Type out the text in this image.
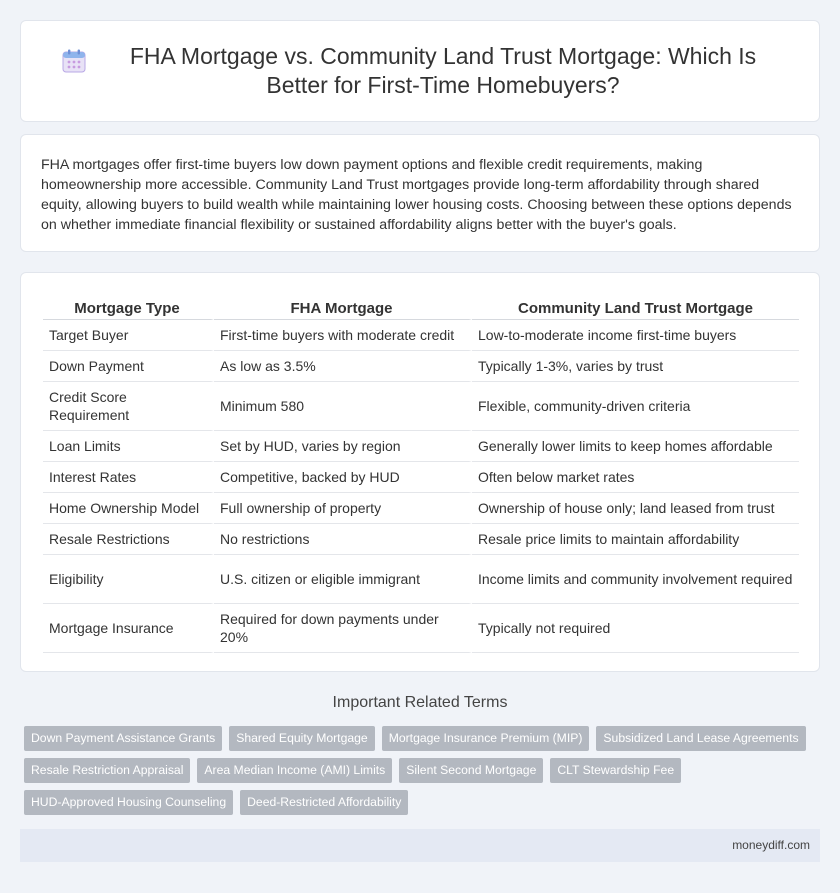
FHA Mortgage vs. Community Land Trust Mortgage: Which Is Better for First-Time Homebuyers?

FHA mortgages offer first-time buyers low down payment options and flexible credit requirements, making homeownership more accessible. Community Land Trust mortgages provide long-term affordability through shared equity, allowing buyers to build wealth while maintaining lower housing costs. Choosing between these options depends on whether immediate financial flexibility or sustained affordability aligns better with the buyer's goals.

Mortgage Type	FHA Mortgage	Community Land Trust Mortgage
Target Buyer	First-time buyers with moderate credit	Low-to-moderate income first-time buyers
Down Payment	As low as 3.5%	Typically 1-3%, varies by trust
Credit Score Requirement	Minimum 580	Flexible, community-driven criteria
Loan Limits	Set by HUD, varies by region	Generally lower limits to keep homes affordable
Interest Rates	Competitive, backed by HUD	Often below market rates
Home Ownership Model	Full ownership of property	Ownership of house only; land leased from trust
Resale Restrictions	No restrictions	Resale price limits to maintain affordability
Eligibility	U.S. citizen or eligible immigrant	Income limits and community involvement required
Mortgage Insurance	Required for down payments under 20%	Typically not required
Important Related Terms
Down Payment Assistance Grants	Shared Equity Mortgage	Mortgage Insurance Premium (MIP)	Subsidized Land Lease Agreements
Resale Restriction Appraisal	Area Median Income (AMI) Limits	Silent Second Mortgage	CLT Stewardship Fee
HUD-Approved Housing Counseling	Deed-Restricted Affordability
moneydiff.com
